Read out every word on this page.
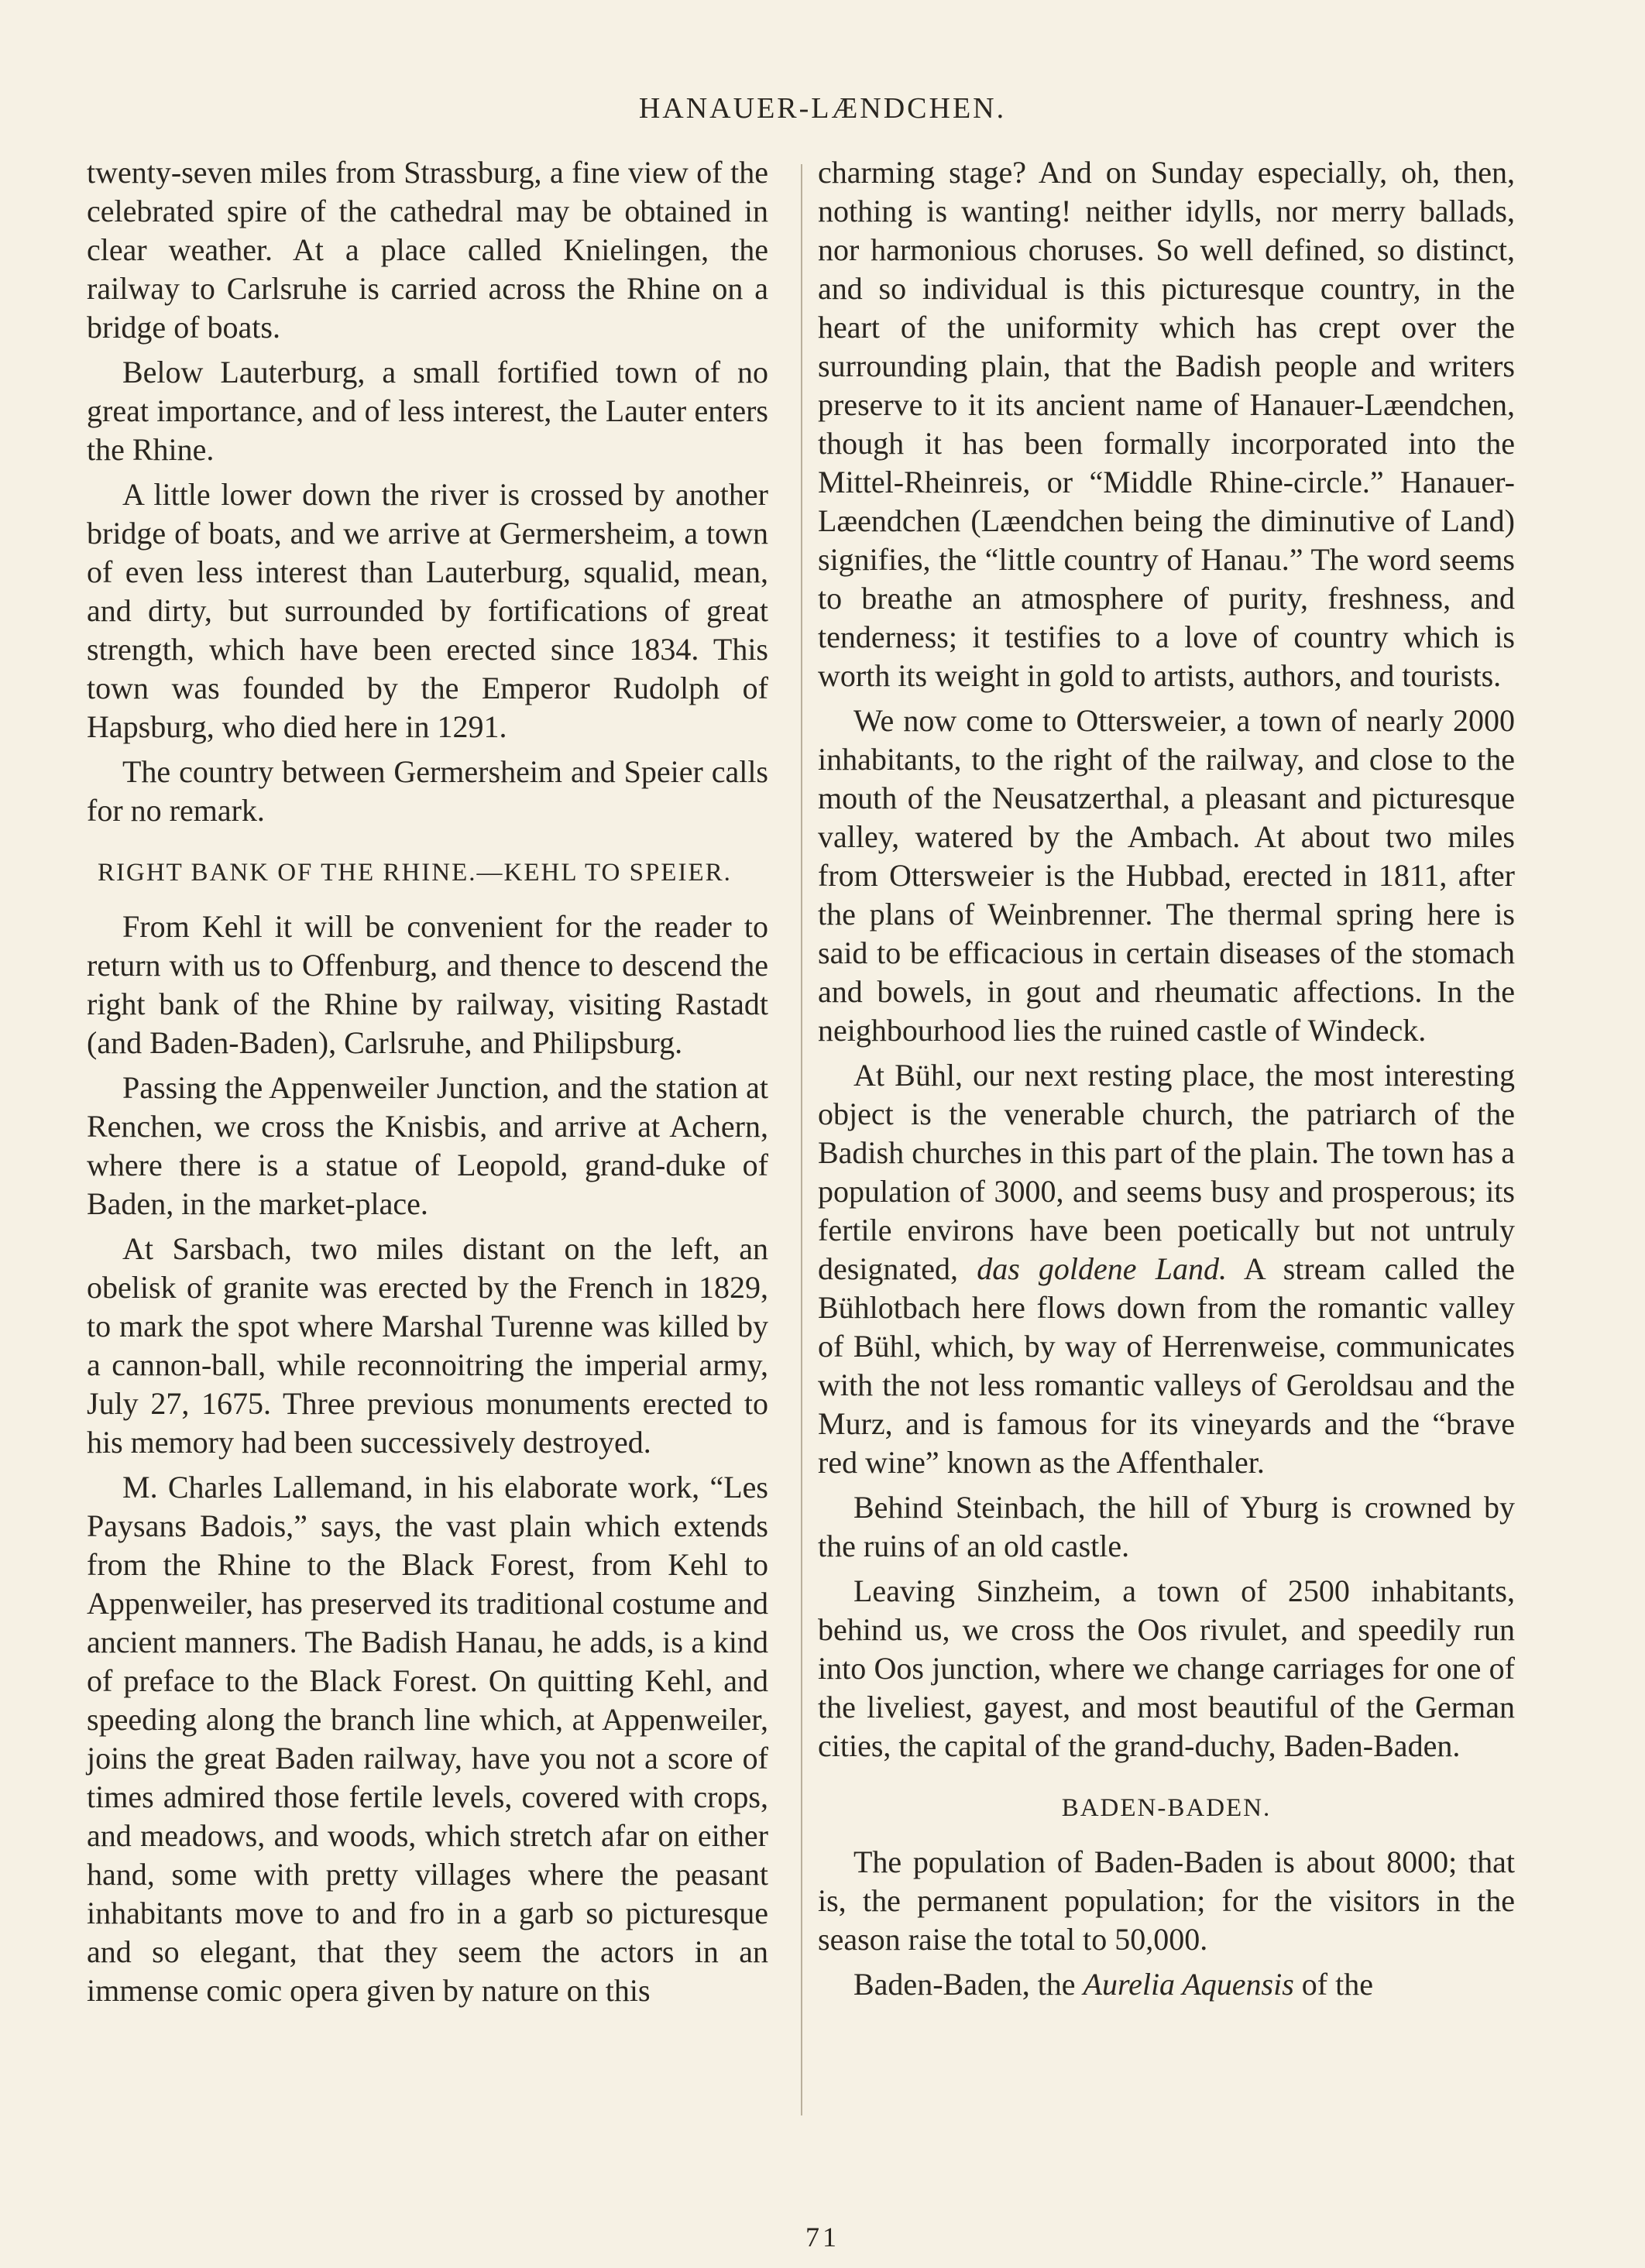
HANAUER-LÆNDCHEN.

twenty-seven miles from Strassburg, a fine view of the celebrated spire of the cathedral may be obtained in clear weather. At a place called Knielingen, the railway to Carlsruhe is carried across the Rhine on a bridge of boats.

Below Lauterburg, a small fortified town of no great importance, and of less interest, the Lauter enters the Rhine.

A little lower down the river is crossed by another bridge of boats, and we arrive at Germersheim, a town of even less interest than Lauterburg, squalid, mean, and dirty, but surrounded by fortifications of great strength, which have been erected since 1834. This town was founded by the Emperor Rudolph of Hapsburg, who died here in 1291.

The country between Germersheim and Speier calls for no remark.

RIGHT BANK OF THE RHINE.—KEHL TO SPEIER.

From Kehl it will be convenient for the reader to return with us to Offenburg, and thence to descend the right bank of the Rhine by railway, visiting Rastadt (and Baden-Baden), Carlsruhe, and Philipsburg.

Passing the Appenweiler Junction, and the station at Renchen, we cross the Knisbis, and arrive at Achern, where there is a statue of Leopold, grand-duke of Baden, in the market-place.

At Sarsbach, two miles distant on the left, an obelisk of granite was erected by the French in 1829, to mark the spot where Marshal Turenne was killed by a cannon-ball, while reconnoitring the imperial army, July 27, 1675. Three previous monuments erected to his memory had been successively destroyed.

M. Charles Lallemand, in his elaborate work, “Les Paysans Badois,” says, the vast plain which extends from the Rhine to the Black Forest, from Kehl to Appenweiler, has preserved its traditional costume and ancient manners. The Badish Hanau, he adds, is a kind of preface to the Black Forest. On quitting Kehl, and speeding along the branch line which, at Appenweiler, joins the great Baden railway, have you not a score of times admired those fertile levels, covered with crops, and meadows, and woods, which stretch afar on either hand, some with pretty villages where the peasant inhabitants move to and fro in a garb so picturesque and so elegant, that they seem the actors in an immense comic opera given by nature on this

charming stage? And on Sunday especially, oh, then, nothing is wanting! neither idylls, nor merry ballads, nor harmonious choruses. So well defined, so distinct, and so individual is this picturesque country, in the heart of the uniformity which has crept over the surrounding plain, that the Badish people and writers preserve to it its ancient name of Hanauer-Læendchen, though it has been formally incorporated into the Mittel-Rheinreis, or “Middle Rhine-circle.” Hanauer-Læendchen (Læendchen being the diminutive of Land) signifies, the “little country of Hanau.” The word seems to breathe an atmosphere of purity, freshness, and tenderness; it testifies to a love of country which is worth its weight in gold to artists, authors, and tourists.

We now come to Ottersweier, a town of nearly 2000 inhabitants, to the right of the railway, and close to the mouth of the Neusatzerthal, a pleasant and picturesque valley, watered by the Ambach. At about two miles from Ottersweier is the Hubbad, erected in 1811, after the plans of Weinbrenner. The thermal spring here is said to be efficacious in certain diseases of the stomach and bowels, in gout and rheumatic affections. In the neighbourhood lies the ruined castle of Windeck.

At Bühl, our next resting place, the most interesting object is the venerable church, the patriarch of the Badish churches in this part of the plain. The town has a population of 3000, and seems busy and prosperous; its fertile environs have been poetically but not untruly designated, das goldene Land. A stream called the Bühlotbach here flows down from the romantic valley of Bühl, which, by way of Herrenweise, communicates with the not less romantic valleys of Geroldsau and the Murz, and is famous for its vineyards and the “brave red wine” known as the Affenthaler.

Behind Steinbach, the hill of Yburg is crowned by the ruins of an old castle.

Leaving Sinzheim, a town of 2500 inhabitants, behind us, we cross the Oos rivulet, and speedily run into Oos junction, where we change carriages for one of the liveliest, gayest, and most beautiful of the German cities, the capital of the grand-duchy, Baden-Baden.

BADEN-BADEN.

The population of Baden-Baden is about 8000; that is, the permanent population; for the visitors in the season raise the total to 50,000.

Baden-Baden, the Aurelia Aquensis of the

71
